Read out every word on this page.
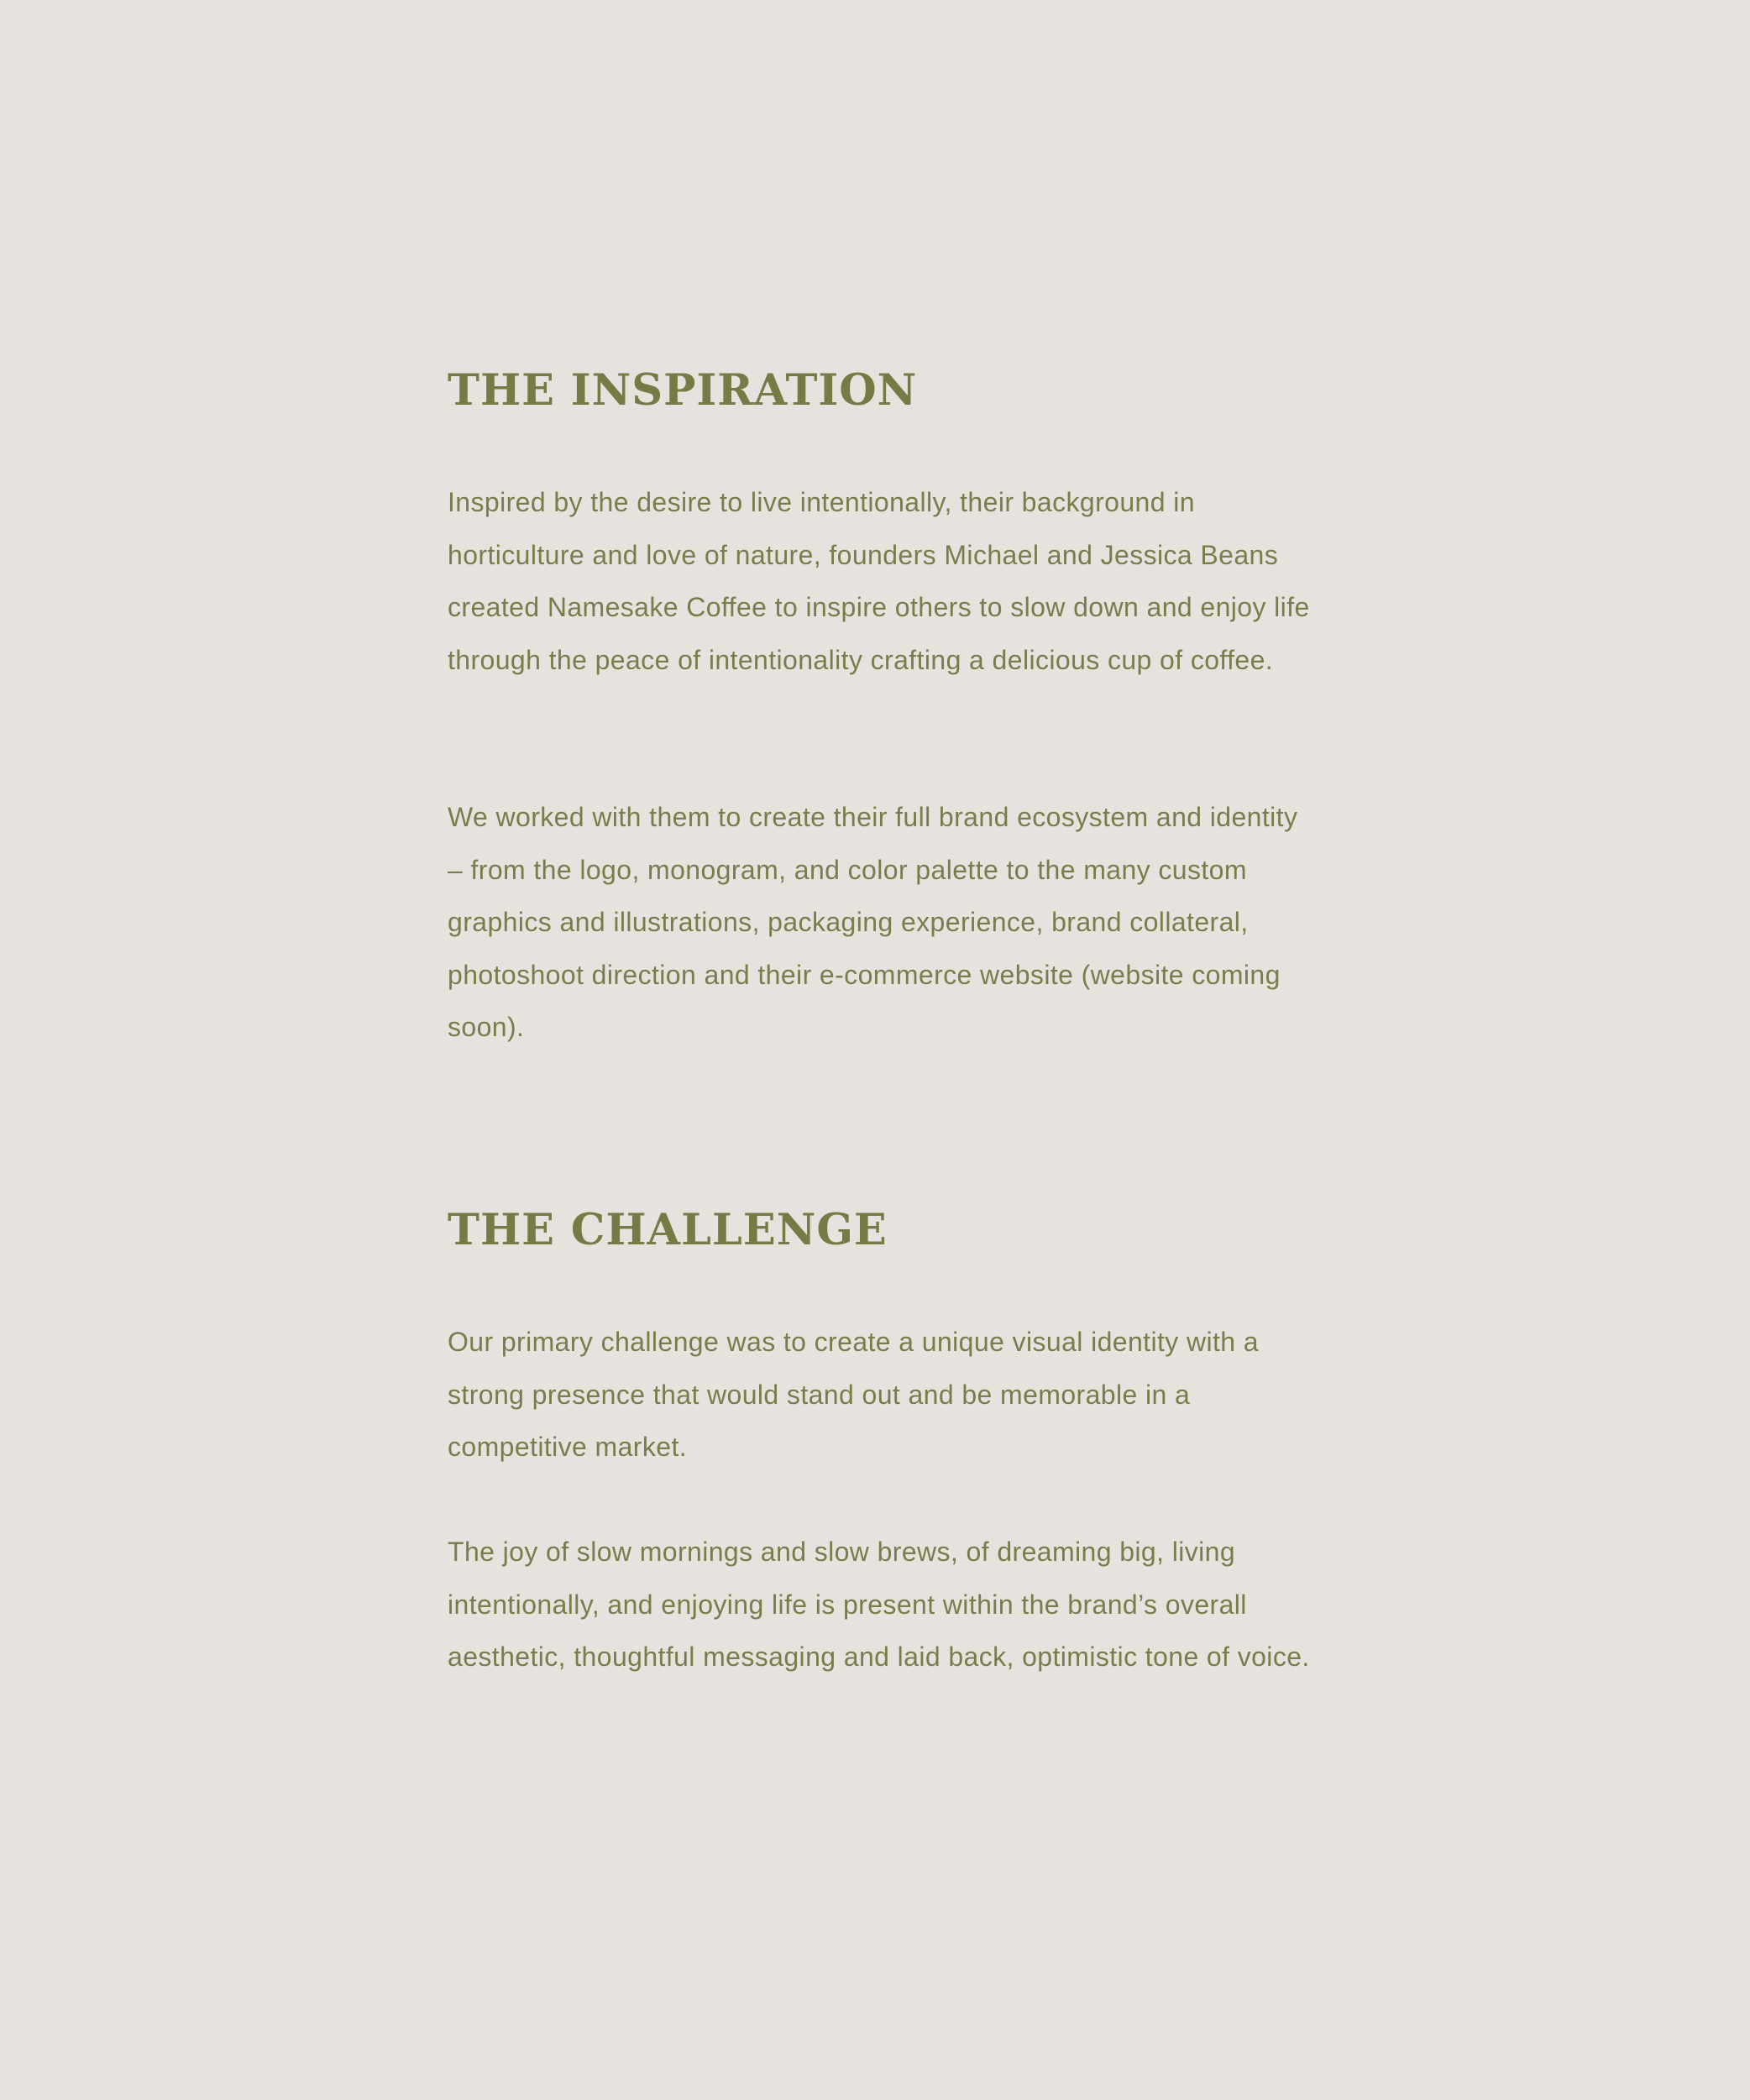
THE INSPIRATION

Inspired by the desire to live intentionally, their background in horticulture and love of nature, founders Michael and Jessica Beans created Namesake Coffee to inspire others to slow down and enjoy life through the peace of intentionality crafting a delicious cup of coffee.

We worked with them to create their full brand ecosystem and identity – from the logo, monogram, and color palette to the many custom graphics and illustrations, packaging experience, brand collateral, photoshoot direction and their e-commerce website (website coming soon).

THE CHALLENGE

Our primary challenge was to create a unique visual identity with a strong presence that would stand out and be memorable in a competitive market.

The joy of slow mornings and slow brews, of dreaming big, living intentionally, and enjoying life is present within the brand’s overall aesthetic, thoughtful messaging and laid back, optimistic tone of voice.
